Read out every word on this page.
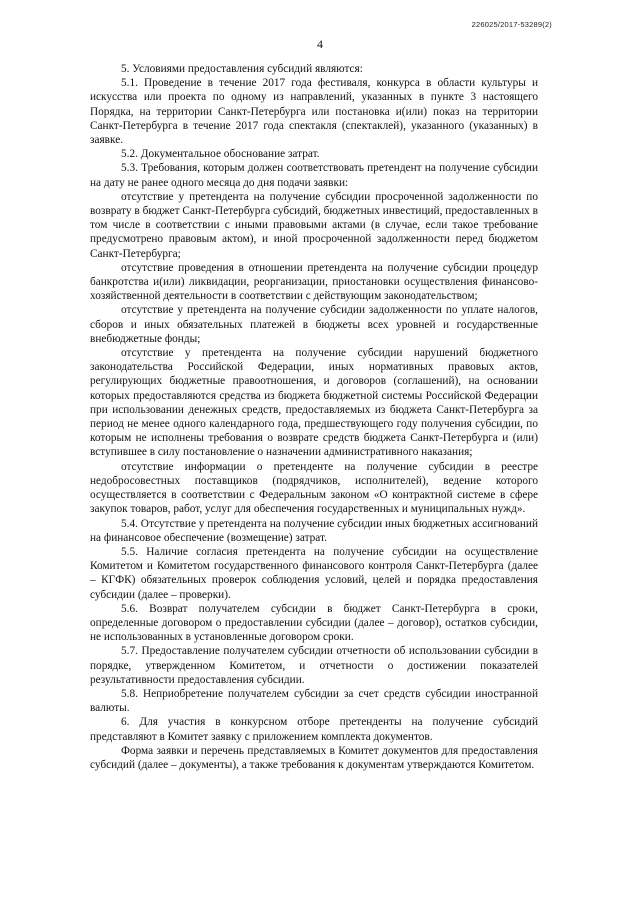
226025/2017-53289(2)
4

5. Условиями предоставления субсидий являются:

5.1. Проведение в течение 2017 года фестиваля, конкурса в области культуры и искусства или проекта по одному из направлений, указанных в пункте 3 настоящего Порядка, на территории Санкт-Петербурга или постановка и(или) показ на территории Санкт-Петербурга в течение 2017 года спектакля (спектаклей), указанного (указанных) в заявке.

5.2. Документальное обоснование затрат.

5.3. Требования, которым должен соответствовать претендент на получение субсидии на дату не ранее одного месяца до дня подачи заявки:

отсутствие у претендента на получение субсидии просроченной задолженности по возврату в бюджет Санкт-Петербурга субсидий, бюджетных инвестиций, предоставленных в том числе в соответствии с иными правовыми актами (в случае, если такое требование предусмотрено правовым актом), и иной просроченной задолженности перед бюджетом Санкт-Петербурга;

отсутствие проведения в отношении претендента на получение субсидии процедур банкротства и(или) ликвидации, реорганизации, приостановки осуществления финансово-хозяйственной деятельности в соответствии с действующим законодательством;

отсутствие у претендента на получение субсидии задолженности по уплате налогов, сборов и иных обязательных платежей в бюджеты всех уровней и государственные внебюджетные фонды;

отсутствие у претендента на получение субсидии нарушений бюджетного законодательства Российской Федерации, иных нормативных правовых актов, регулирующих бюджетные правоотношения, и договоров (соглашений), на основании которых предоставляются средства из бюджета бюджетной системы Российской Федерации при использовании денежных средств, предоставляемых из бюджета Санкт-Петербурга за период не менее одного календарного года, предшествующего году получения субсидии, по которым не исполнены требования о возврате средств бюджета Санкт-Петербурга и (или) вступившее в силу постановление о назначении административного наказания;

отсутствие информации о претенденте на получение субсидии в реестре недобросовестных поставщиков (подрядчиков, исполнителей), ведение которого осуществляется в соответствии с Федеральным законом «О контрактной системе в сфере закупок товаров, работ, услуг для обеспечения государственных и муниципальных нужд».

5.4. Отсутствие у претендента на получение субсидии иных бюджетных ассигнований на финансовое обеспечение (возмещение) затрат.

5.5. Наличие согласия претендента на получение субсидии на осуществление Комитетом и Комитетом государственного финансового контроля Санкт-Петербурга (далее – КГФК) обязательных проверок соблюдения условий, целей и порядка предоставления субсидии (далее – проверки).

5.6. Возврат получателем субсидии в бюджет Санкт-Петербурга в сроки, определенные договором о предоставлении субсидии (далее – договор), остатков субсидии, не использованных в установленные договором сроки.

5.7. Предоставление получателем субсидии отчетности об использовании субсидии в порядке, утвержденном Комитетом, и отчетности о достижении показателей результативности предоставления субсидии.

5.8. Неприобретение получателем субсидии за счет средств субсидии иностранной валюты.

6. Для участия в конкурсном отборе претенденты на получение субсидий представляют в Комитет заявку с приложением комплекта документов.

Форма заявки и перечень представляемых в Комитет документов для предоставления субсидий (далее – документы), а также требования к документам утверждаются Комитетом.
